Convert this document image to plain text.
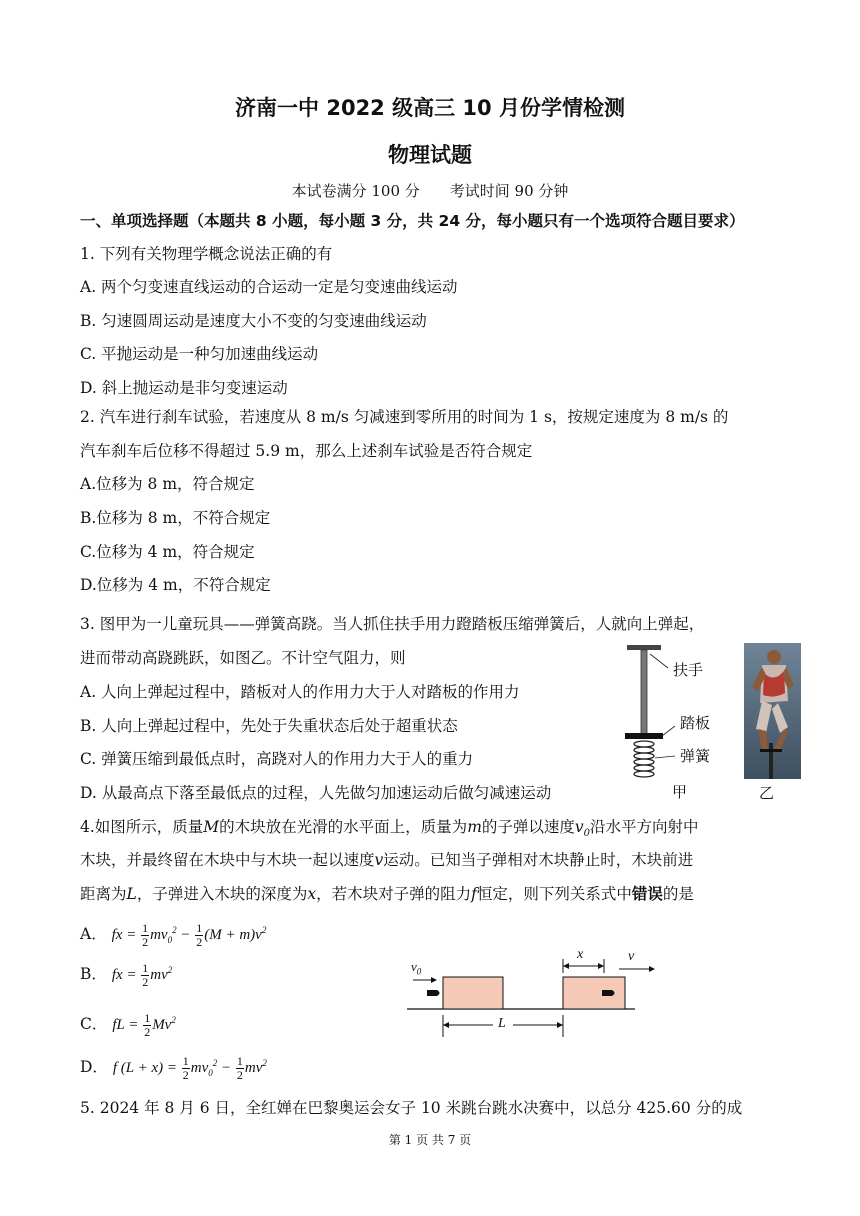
济南一中 2022 级高三 10 月份学情检测
物理试题
本试卷满分 100 分　　考试时间 90 分钟
一、单项选择题（本题共 8 小题，每小题 3 分，共 24 分，每小题只有一个选项符合题目要求）
1. 下列有关物理学概念说法正确的有
A. 两个匀变速直线运动的合运动一定是匀变速曲线运动
B. 匀速圆周运动是速度大小不变的匀变速曲线运动
C. 平抛运动是一种匀加速曲线运动
D. 斜上抛运动是非匀变速运动
2. 汽车进行刹车试验，若速度从 8 m/s 匀减速到零所用的时间为 1 s，按规定速度为 8 m/s 的
汽车刹车后位移不得超过 5.9 m，那么上述刹车试验是否符合规定
A.位移为 8 m，符合规定
B.位移为 8 m，不符合规定
C.位移为 4 m，符合规定
D.位移为 4 m，不符合规定
3. 图甲为一儿童玩具——弹簧高跷。当人抓住扶手用力蹬踏板压缩弹簧后，人就向上弹起，
进而带动高跷跳跃，如图乙。不计空气阻力，则
A. 人向上弹起过程中，踏板对人的作用力大于人对踏板的作用力
B. 人向上弹起过程中，先处于失重状态后处于超重状态
C. 弹簧压缩到最低点时，高跷对人的作用力大于人的重力
D. 从最高点下落至最低点的过程，人先做匀加速运动后做匀减速运动
扶手
踏板
弹簧
甲	乙
4.如图所示，质量M的木块放在光滑的水平面上，质量为m的子弹以速度$v_0$沿水平方向射中
木块，并最终留在木块中与木块一起以速度v运动。已知当子弹相对木块静止时，木块前进
距离为L，子弹进入木块的深度为x，若木块对子弹的阻力f恒定，则下列关系式中错误的是
A． fx = $\frac{1}{2} mv_0^2 - \frac{1}{2} (M + m)v^2$
B． fx = $\frac{1}{2} mv^2$
C． fL = $\frac{1}{2} Mv^2$
D． f $(L + x) = \frac{1}{2} mv_0^2 - \frac{1}{2} mv^2$
$v_0$
x	v
L
5. 2024 年 8 月 6 日，全红婵在巴黎奥运会女子 10 米跳台跳水决赛中，以总分 425.60 分的成
第 1 页 共 7 页
